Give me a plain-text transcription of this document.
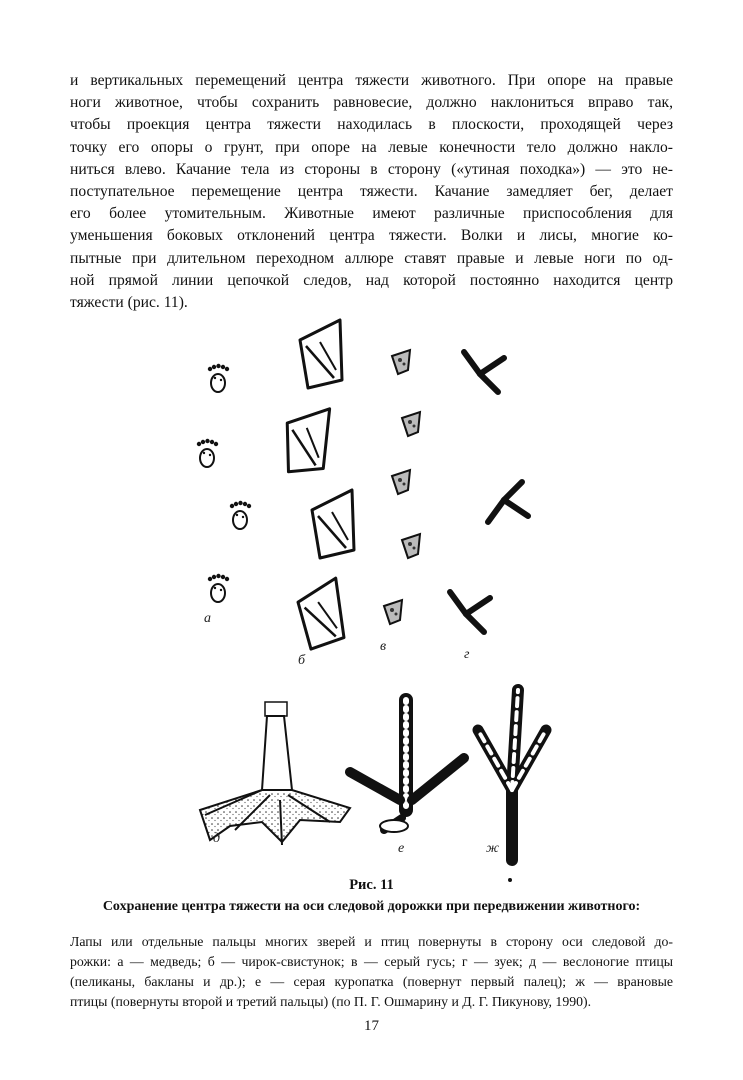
и вертикальных перемещений центра тяжести животного. При опоре на правые
ноги животное, чтобы сохранить равновесие, должно наклониться вправо так,
чтобы проекция центра тяжести находилась в плоскости, проходящей через
точку его опоры о грунт, при опоре на левые конечности тело должно накло-
ниться влево. Качание тела из стороны в сторону («утиная походка») — это не-
поступательное перемещение центра тяжести. Качание замедляет бег, делает
его более утомительным. Животные имеют различные приспособления для
уменьшения боковых отклонений центра тяжести. Волки и лисы, многие ко-
пытные при длительном переходном аллюре ставят правые и левые ноги по од-
ной прямой линии цепочкой следов, над которой постоянно находится центр
тяжести (рис. 11).

а
б
в
г
д
е	ж

Рис. 11

Сохранение центра тяжести на оси следовой дорожки при передвижении животного:

Лапы или отдельные пальцы многих зверей и птиц повернуты в сторону оси следовой до-
рожки: а — медведь; б — чирок-свистунок; в — серый гусь; г — зуек; д — веслоногие птицы
(пеликаны, бакланы и др.); е — серая куропатка (повернут первый палец); ж — врановые
птицы (повернуты второй и третий пальцы) (по П. Г. Ошмарину и Д. Г. Пикунову, 1990).

17
